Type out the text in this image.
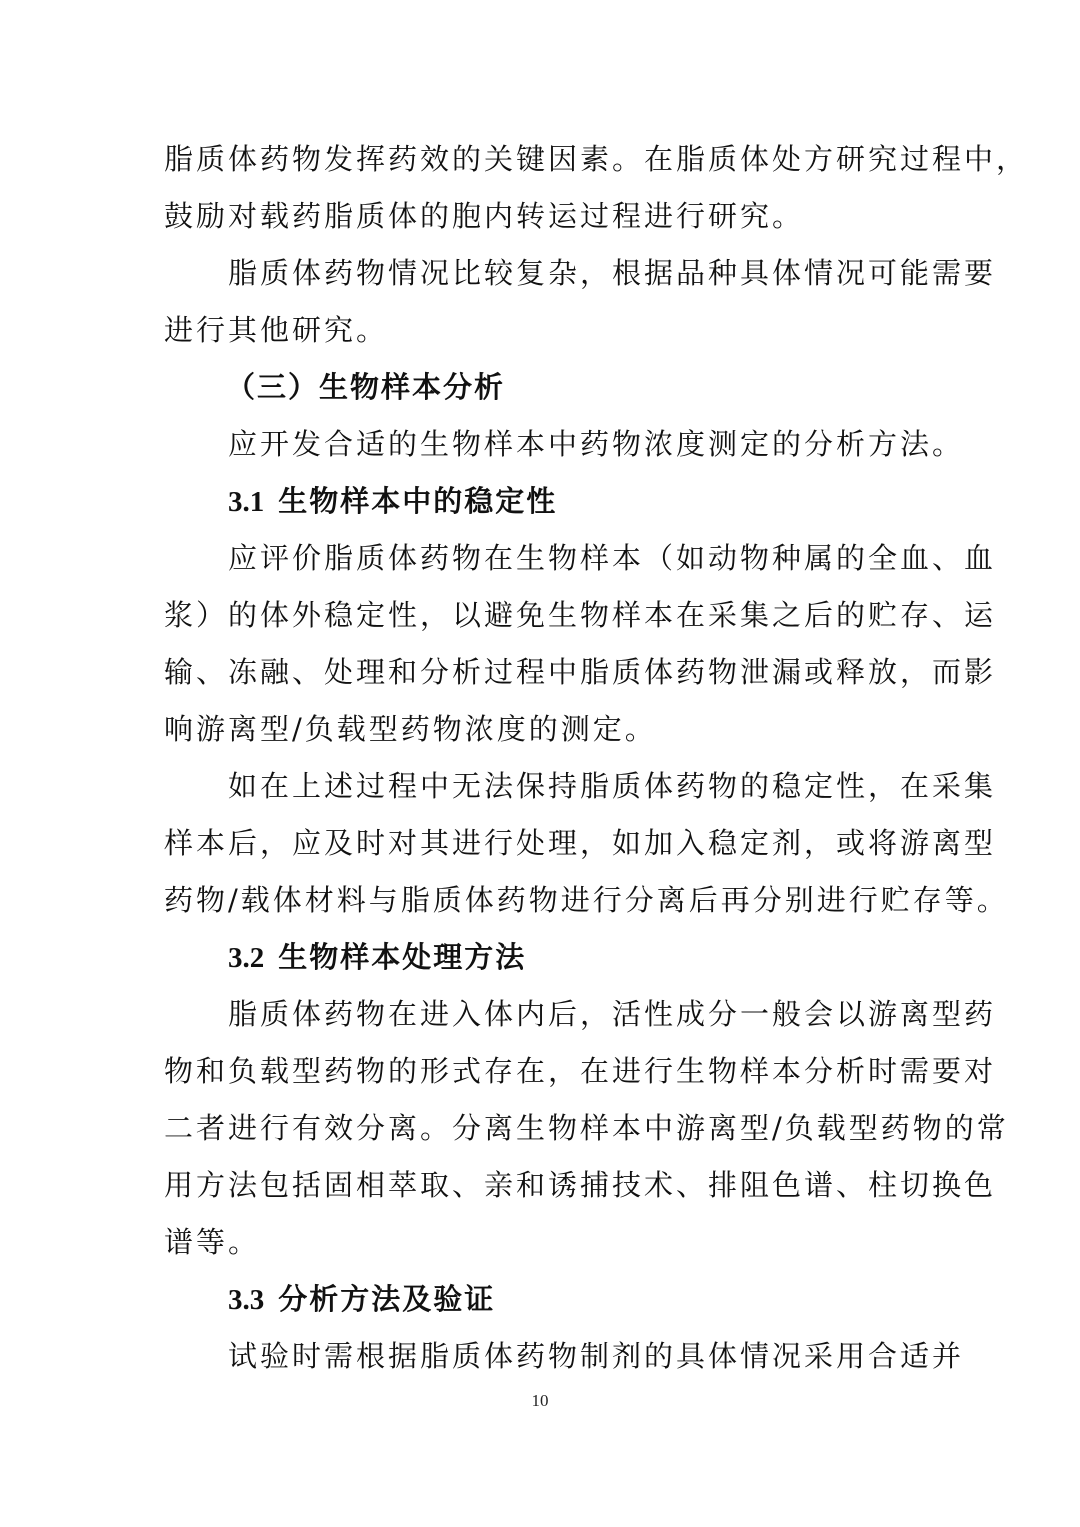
脂质体药物发挥药效的关键因素。在脂质体处方研究过程中，
鼓励对载药脂质体的胞内转运过程进行研究。
脂质体药物情况比较复杂，根据品种具体情况可能需要
进行其他研究。
（三）生物样本分析
应开发合适的生物样本中药物浓度测定的分析方法。
3.1 生物样本中的稳定性
应评价脂质体药物在生物样本（如动物种属的全血、血
浆）的体外稳定性，以避免生物样本在采集之后的贮存、运
输、冻融、处理和分析过程中脂质体药物泄漏或释放，而影
响游离型/负载型药物浓度的测定。
如在上述过程中无法保持脂质体药物的稳定性，在采集
样本后，应及时对其进行处理，如加入稳定剂，或将游离型
药物/载体材料与脂质体药物进行分离后再分别进行贮存等。
3.2 生物样本处理方法
脂质体药物在进入体内后，活性成分一般会以游离型药
物和负载型药物的形式存在，在进行生物样本分析时需要对
二者进行有效分离。分离生物样本中游离型/负载型药物的常
用方法包括固相萃取、亲和诱捕技术、排阻色谱、柱切换色
谱等。
3.3 分析方法及验证
试验时需根据脂质体药物制剂的具体情况采用合适并
10
